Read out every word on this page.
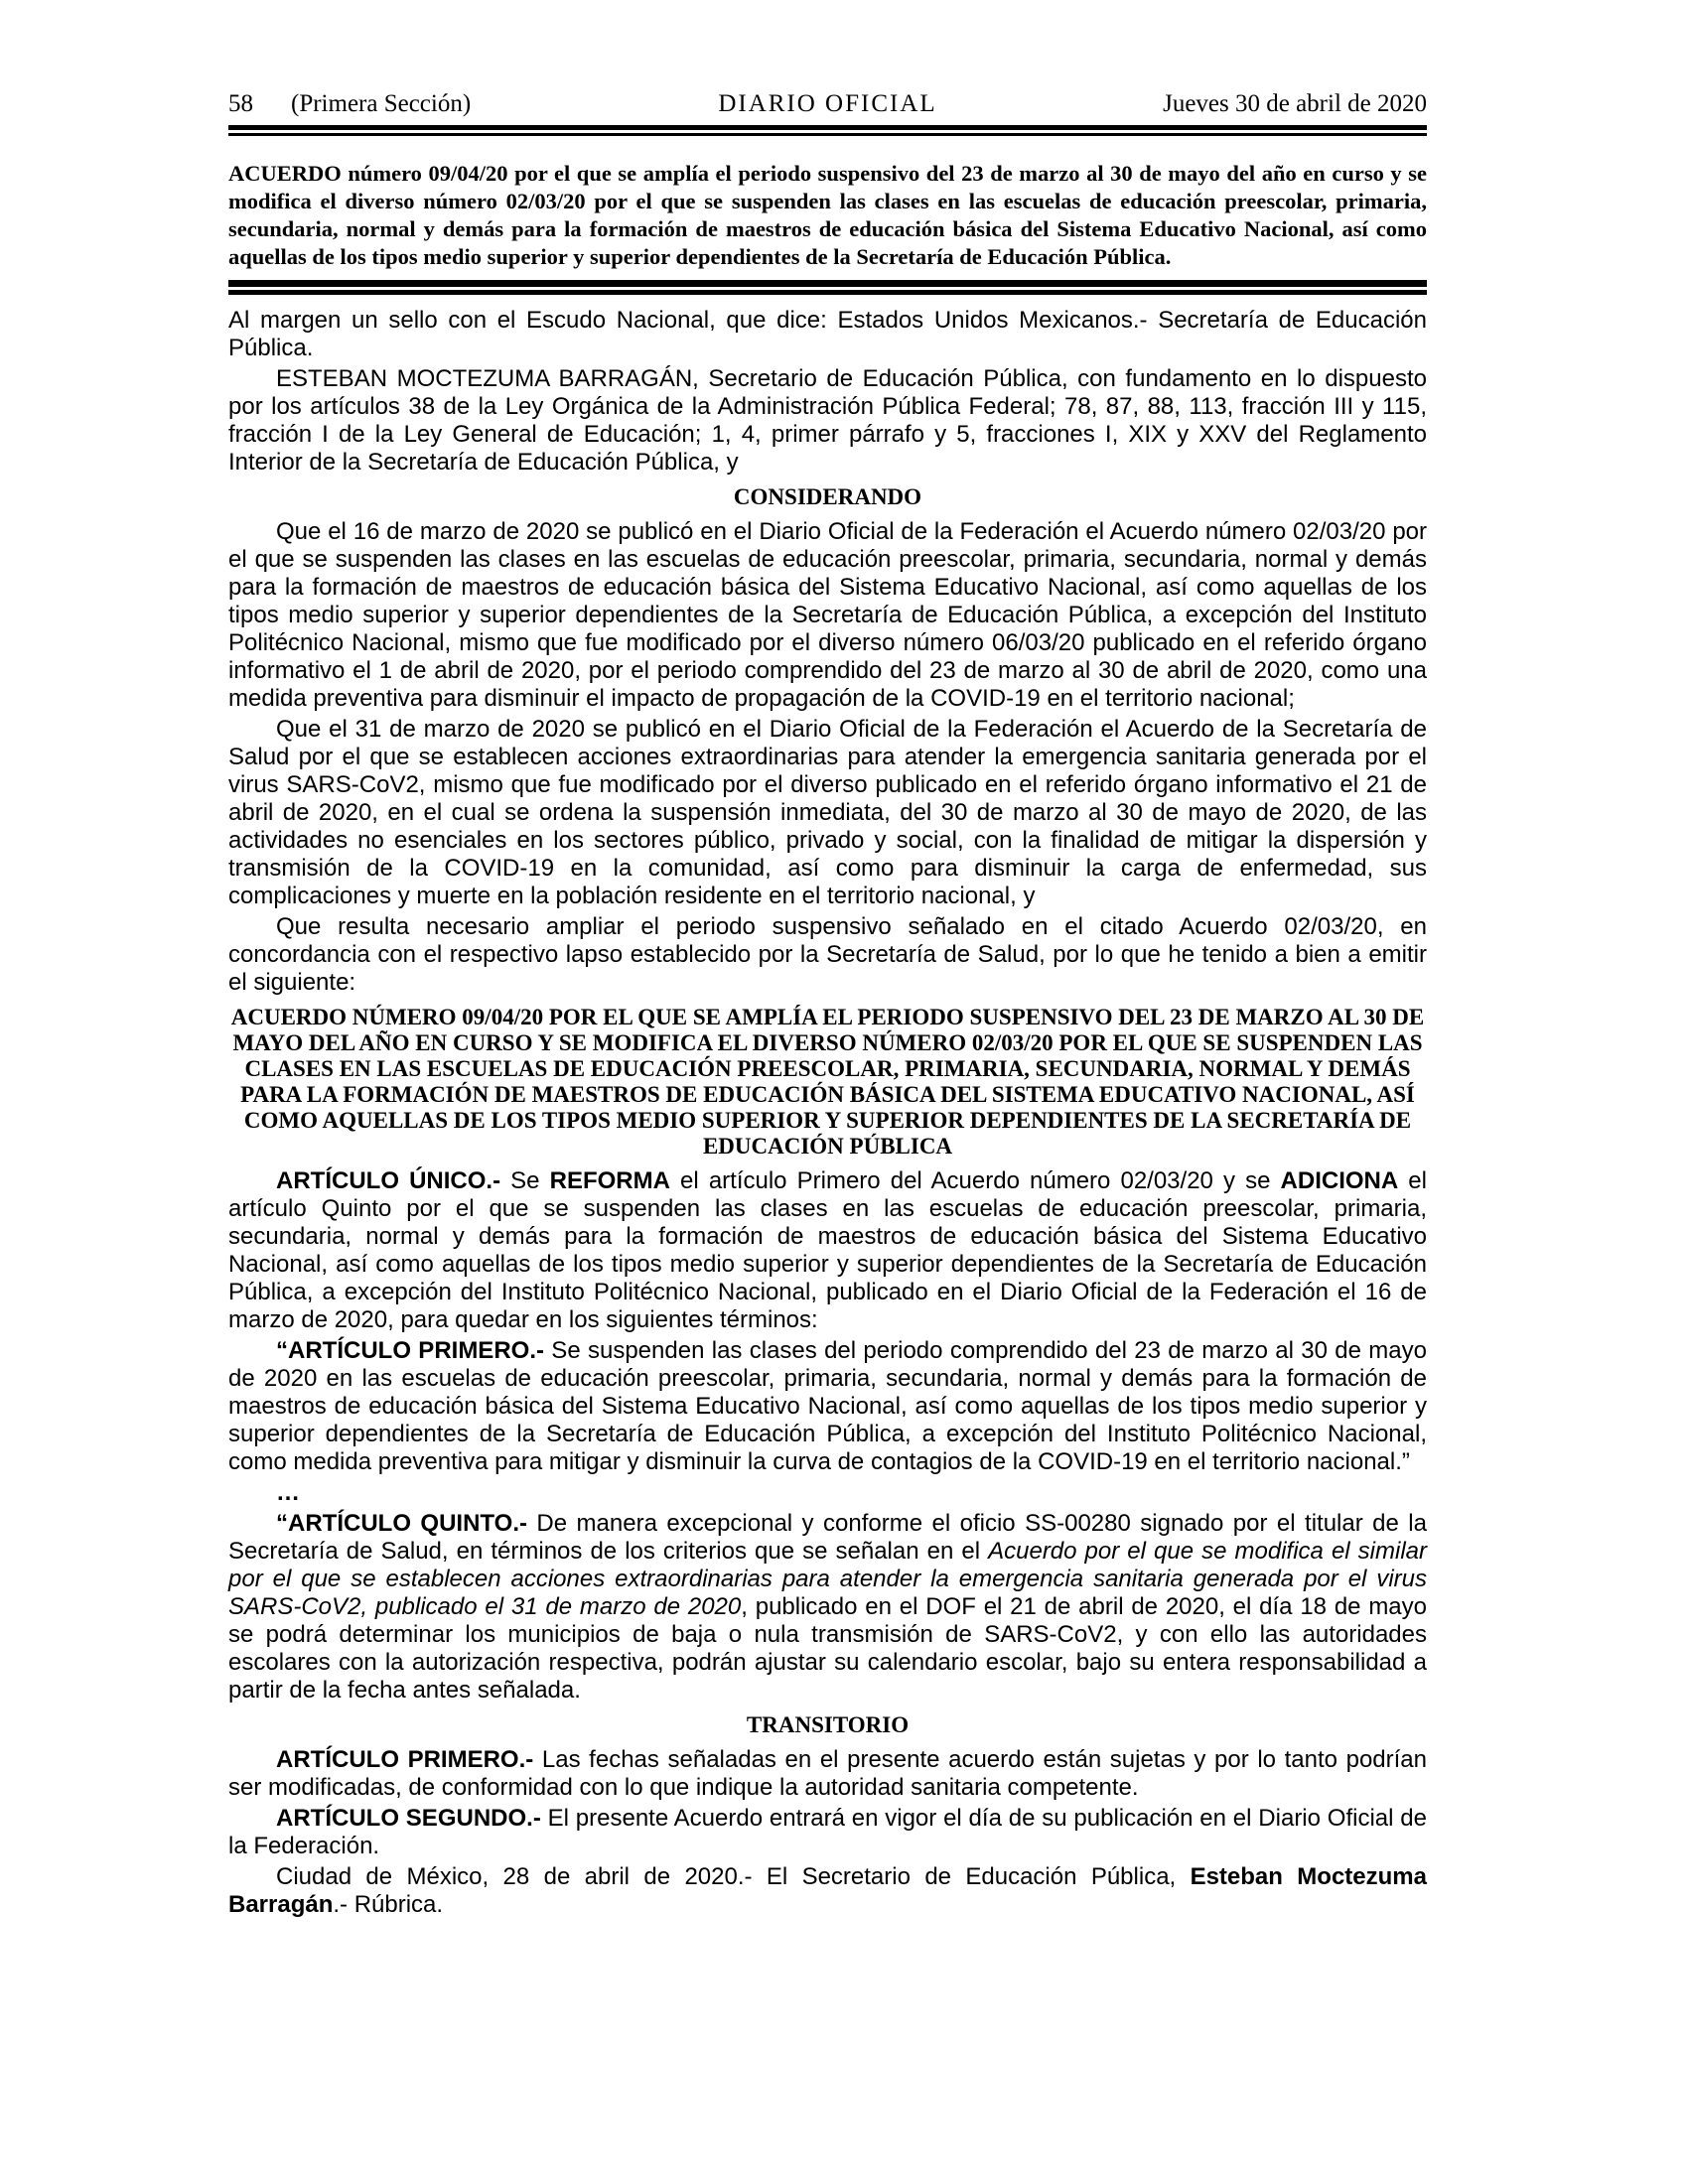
58 (Primera Sección)	DIARIO OFICIAL	Jueves 30 de abril de 2020
ACUERDO número 09/04/20 por el que se amplía el periodo suspensivo del 23 de marzo al 30 de mayo del año en curso y se modifica el diverso número 02/03/20 por el que se suspenden las clases en las escuelas de educación preescolar, primaria, secundaria, normal y demás para la formación de maestros de educación básica del Sistema Educativo Nacional, así como aquellas de los tipos medio superior y superior dependientes de la Secretaría de Educación Pública.

Al margen un sello con el Escudo Nacional, que dice: Estados Unidos Mexicanos.- Secretaría de Educación Pública.

ESTEBAN MOCTEZUMA BARRAGÁN, Secretario de Educación Pública, con fundamento en lo dispuesto por los artículos 38 de la Ley Orgánica de la Administración Pública Federal; 78, 87, 88, 113, fracción III y 115, fracción I de la Ley General de Educación; 1, 4, primer párrafo y 5, fracciones I, XIX y XXV del Reglamento Interior de la Secretaría de Educación Pública, y

CONSIDERANDO

Que el 16 de marzo de 2020 se publicó en el Diario Oficial de la Federación el Acuerdo número 02/03/20 por el que se suspenden las clases en las escuelas de educación preescolar, primaria, secundaria, normal y demás para la formación de maestros de educación básica del Sistema Educativo Nacional, así como aquellas de los tipos medio superior y superior dependientes de la Secretaría de Educación Pública, a excepción del Instituto Politécnico Nacional, mismo que fue modificado por el diverso número 06/03/20 publicado en el referido órgano informativo el 1 de abril de 2020, por el periodo comprendido del 23 de marzo al 30 de abril de 2020, como una medida preventiva para disminuir el impacto de propagación de la COVID-19 en el territorio nacional;

Que el 31 de marzo de 2020 se publicó en el Diario Oficial de la Federación el Acuerdo de la Secretaría de Salud por el que se establecen acciones extraordinarias para atender la emergencia sanitaria generada por el virus SARS-CoV2, mismo que fue modificado por el diverso publicado en el referido órgano informativo el 21 de abril de 2020, en el cual se ordena la suspensión inmediata, del 30 de marzo al 30 de mayo de 2020, de las actividades no esenciales en los sectores público, privado y social, con la finalidad de mitigar la dispersión y transmisión de la COVID-19 en la comunidad, así como para disminuir la carga de enfermedad, sus complicaciones y muerte en la población residente en el territorio nacional, y

Que resulta necesario ampliar el periodo suspensivo señalado en el citado Acuerdo 02/03/20, en concordancia con el respectivo lapso establecido por la Secretaría de Salud, por lo que he tenido a bien a emitir el siguiente:

ACUERDO NÚMERO 09/04/20 POR EL QUE SE AMPLÍA EL PERIODO SUSPENSIVO DEL 23 DE MARZO AL 30 DE MAYO DEL AÑO EN CURSO Y SE MODIFICA EL DIVERSO NÚMERO 02/03/20 POR EL QUE SE SUSPENDEN LAS CLASES EN LAS ESCUELAS DE EDUCACIÓN PREESCOLAR, PRIMARIA, SECUNDARIA, NORMAL Y DEMÁS PARA LA FORMACIÓN DE MAESTROS DE EDUCACIÓN BÁSICA DEL SISTEMA EDUCATIVO NACIONAL, ASÍ COMO AQUELLAS DE LOS TIPOS MEDIO SUPERIOR Y SUPERIOR DEPENDIENTES DE LA SECRETARÍA DE EDUCACIÓN PÚBLICA

ARTÍCULO ÚNICO.- Se REFORMA el artículo Primero del Acuerdo número 02/03/20 y se ADICIONA el artículo Quinto por el que se suspenden las clases en las escuelas de educación preescolar, primaria, secundaria, normal y demás para la formación de maestros de educación básica del Sistema Educativo Nacional, así como aquellas de los tipos medio superior y superior dependientes de la Secretaría de Educación Pública, a excepción del Instituto Politécnico Nacional, publicado en el Diario Oficial de la Federación el 16 de marzo de 2020, para quedar en los siguientes términos:

“ARTÍCULO PRIMERO.- Se suspenden las clases del periodo comprendido del 23 de marzo al 30 de mayo de 2020 en las escuelas de educación preescolar, primaria, secundaria, normal y demás para la formación de maestros de educación básica del Sistema Educativo Nacional, así como aquellas de los tipos medio superior y superior dependientes de la Secretaría de Educación Pública, a excepción del Instituto Politécnico Nacional, como medida preventiva para mitigar y disminuir la curva de contagios de la COVID-19 en el territorio nacional.”

…

“ARTÍCULO QUINTO.- De manera excepcional y conforme el oficio SS-00280 signado por el titular de la Secretaría de Salud, en términos de los criterios que se señalan en el Acuerdo por el que se modifica el similar por el que se establecen acciones extraordinarias para atender la emergencia sanitaria generada por el virus SARS-CoV2, publicado el 31 de marzo de 2020, publicado en el DOF el 21 de abril de 2020, el día 18 de mayo se podrá determinar los municipios de baja o nula transmisión de SARS-CoV2, y con ello las autoridades escolares con la autorización respectiva, podrán ajustar su calendario escolar, bajo su entera responsabilidad a partir de la fecha antes señalada.

TRANSITORIO

ARTÍCULO PRIMERO.- Las fechas señaladas en el presente acuerdo están sujetas y por lo tanto podrían ser modificadas, de conformidad con lo que indique la autoridad sanitaria competente.

ARTÍCULO SEGUNDO.- El presente Acuerdo entrará en vigor el día de su publicación en el Diario Oficial de la Federación.

Ciudad de México, 28 de abril de 2020.- El Secretario de Educación Pública, Esteban Moctezuma Barragán.- Rúbrica.
